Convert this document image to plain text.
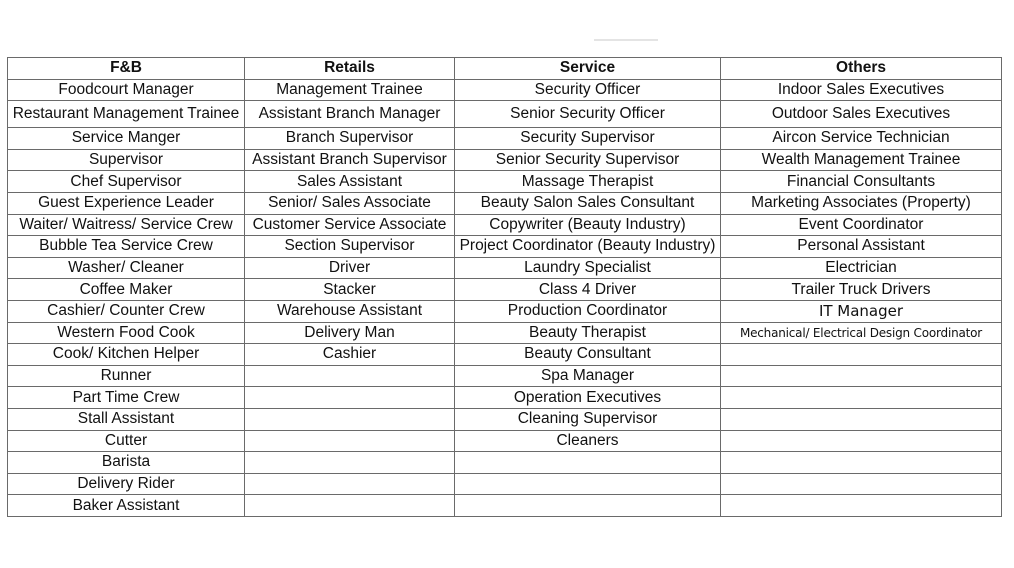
F&B	Retails	Service	Others
Foodcourt Manager	Management Trainee	Security Officer	Indoor Sales Executives
Restaurant Management Trainee	Assistant Branch Manager	Senior Security Officer	Outdoor Sales Executives
Service Manger	Branch Supervisor	Security Supervisor	Aircon Service Technician
Supervisor	Assistant Branch Supervisor	Senior Security Supervisor	Wealth Management Trainee
Chef Supervisor	Sales Assistant	Massage Therapist	Financial Consultants
Guest Experience Leader	Senior/ Sales Associate	Beauty Salon Sales Consultant	Marketing Associates (Property)
Waiter/ Waitress/ Service Crew	Customer Service Associate	Copywriter (Beauty Industry)	Event Coordinator
Bubble Tea Service Crew	Section Supervisor	Project Coordinator (Beauty Industry)	Personal Assistant
Washer/ Cleaner	Driver	Laundry Specialist	Electrician
Coffee Maker	Stacker	Class 4 Driver	Trailer Truck Drivers
Cashier/ Counter Crew	Warehouse Assistant	Production Coordinator	IT Manager
Western Food Cook	Delivery Man	Beauty Therapist	Mechanical/ Electrical Design Coordinator
Cook/ Kitchen Helper	Cashier	Beauty Consultant	
Runner		Spa Manager	
Part Time Crew		Operation Executives	
Stall Assistant		Cleaning Supervisor	
Cutter		Cleaners	
Barista			
Delivery Rider			
Baker Assistant			
